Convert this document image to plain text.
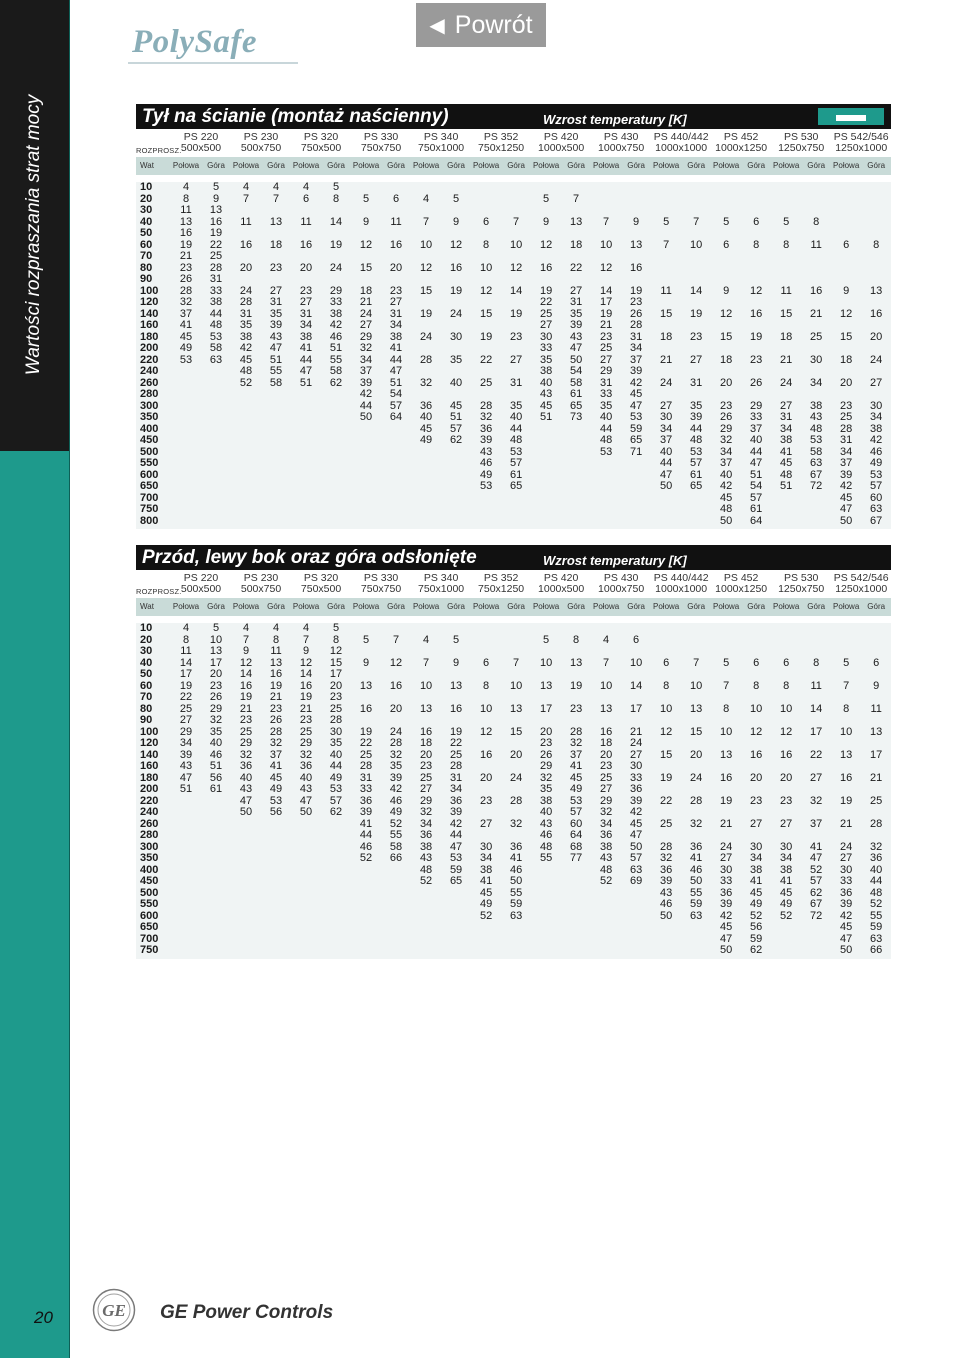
Wartości rozpraszania strat mocy
20
PolySafe	◀ Powrót
Tył na ścianie (montaż naścienny)	Wzrost temperatury [K]
	PS 220		PS 230		PS 320		PS 330		PS 340		PS 352		PS 420		PS 430		PS 440/442		PS 452		PS 530		PS 542/546	
ROZPROSZ.	500x500		500x750		750x500		750x750		750x1000		750x1250		1000x500		1000x750		1000x1000		1000x1250		1250x750		1250x1000	
Wat	Połowa	Góra	Połowa	Góra	Połowa	Góra	Połowa	Góra	Połowa	Góra	Połowa	Góra	Połowa	Góra	Połowa	Góra	Połowa	Góra	Połowa	Góra	Połowa	Góra	Połowa	Góra

10	4	5	4	4	4	5																		
20	8	9	7	7	6	8	5	6	4	5			5	7										
30	11	13																						
40	13	16	11	13	11	14	9	11	7	9	6	7	9	13	7	9	5	7	5	6	5	8		
50	16	19																						
60	19	22	16	18	16	19	12	16	10	12	8	10	12	18	10	13	7	10	6	8	8	11	6	8
70	21	25																						
80	23	28	20	23	20	24	15	20	12	16	10	12	16	22	12	16								
90	26	31																						
100	28	33	24	27	23	29	18	23	15	19	12	14	19	27	14	19	11	14	9	12	11	16	9	13
120	32	38	28	31	27	33	21	27					22	31	17	23								
140	37	44	31	35	31	38	24	31	19	24	15	19	25	35	19	26	15	19	12	16	15	21	12	16
160	41	48	35	39	34	42	27	34					27	39	21	28								
180	45	53	38	43	38	46	29	38	24	30	19	23	30	43	23	31	18	23	15	19	18	25	15	20
200	49	58	42	47	41	51	32	41					33	47	25	34								
220	53	63	45	51	44	55	34	44	28	35	22	27	35	50	27	37	21	27	18	23	21	30	18	24
240			48	55	47	58	37	47					38	54	29	39								
260			52	58	51	62	39	51	32	40	25	31	40	58	31	42	24	31	20	26	24	34	20	27
280							42	54					43	61	33	45								
300							44	57	36	45	28	35	45	65	35	47	27	35	23	29	27	38	23	30
350							50	64	40	51	32	40	51	73	40	53	30	39	26	33	31	43	25	34
400									45	57	36	44			44	59	34	44	29	37	34	48	28	38
450									49	62	39	48			48	65	37	48	32	40	38	53	31	42
500											43	53			53	71	40	53	34	44	41	58	34	46
550											46	57					44	57	37	47	45	63	37	49
600											49	61					47	61	40	51	48	67	39	53
650											53	65					50	65	42	54	51	72	42	57
700																			45	57			45	60
750																			48	61			47	63
800																			50	64			50	67
Przód, lewy bok oraz góra odsłonięte	Wzrost temperatury [K]
	PS 220		PS 230		PS 320		PS 330		PS 340		PS 352		PS 420		PS 430		PS 440/442		PS 452		PS 530		PS 542/546	
ROZPROSZ.	500x500		500x750		750x500		750x750		750x1000		750x1250		1000x500		1000x750		1000x1000		1000x1250		1250x750		1250x1000	
Wat	Połowa	Góra	Połowa	Góra	Połowa	Góra	Połowa	Góra	Połowa	Góra	Połowa	Góra	Połowa	Góra	Połowa	Góra	Połowa	Góra	Połowa	Góra	Połowa	Góra	Połowa	Góra

10	4	5	4	4	4	5																		
20	8	10	7	8	7	8	5	7	4	5			5	8	4	6								
30	11	13	9	11	9	12																		
40	14	17	12	13	12	15	9	12	7	9	6	7	10	13	7	10	6	7	5	6	6	8	5	6
50	17	20	14	16	14	17																		
60	19	23	16	19	16	20	13	16	10	13	8	10	13	19	10	14	8	10	7	8	8	11	7	9
70	22	26	19	21	19	23																		
80	25	29	21	23	21	25	16	20	13	16	10	13	17	23	13	17	10	13	8	10	10	14	8	11
90	27	32	23	26	23	28																		
100	29	35	25	28	25	30	19	24	16	19	12	15	20	28	16	21	12	15	10	12	12	17	10	13
120	34	40	29	32	29	35	22	28	18	22			23	32	18	24								
140	39	46	32	37	32	40	25	32	20	25	16	20	26	37	20	27	15	20	13	16	16	22	13	17
160	43	51	36	41	36	44	28	35	23	28			29	41	23	30								
180	47	56	40	45	40	49	31	39	25	31	20	24	32	45	25	33	19	24	16	20	20	27	16	21
200	51	61	43	49	43	53	33	42	27	34			35	49	27	36								
220			47	53	47	57	36	46	29	36	23	28	38	53	29	39	22	28	19	23	23	32	19	25
240			50	56	50	62	39	49	32	39			40	57	32	42								
260							41	52	34	42	27	32	43	60	34	45	25	32	21	27	27	37	21	28
280							44	55	36	44			46	64	36	47								
300							46	58	38	47	30	36	48	68	38	50	28	36	24	30	30	41	24	32
350							52	66	43	53	34	41	55	77	43	57	32	41	27	34	34	47	27	36
400									48	59	38	46			48	63	36	46	30	38	38	52	30	40
450									52	65	41	50			52	69	39	50	33	41	41	57	33	44
500											45	55					43	55	36	45	45	62	36	48
550											49	59					46	59	39	49	49	67	39	52
600											52	63					50	63	42	52	52	72	42	55
650																			45	56			45	59
700																			47	59			47	63
750																			50	62			50	66
GE GE Power Controls
